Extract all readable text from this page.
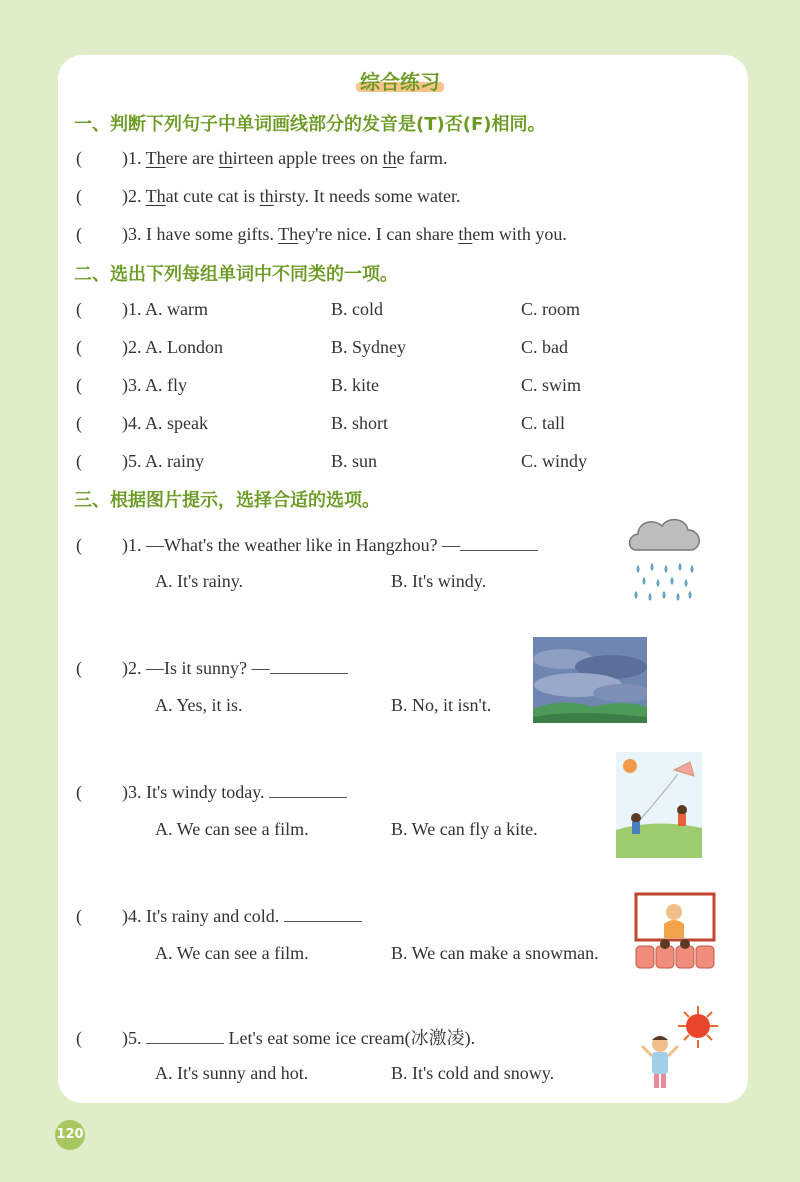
综合练习
一、判断下列句子中单词画线部分的发音是(T)否(F)相同。
( )1. There are thirteen apple trees on the farm.
( )2. That cute cat is thirsty. It needs some water.
( )3. I have some gifts. They're nice. I can share them with you.
二、选出下列每组单词中不同类的一项。
( )1. A. warm	B. cold	C. room
( )2. A. London	B. Sydney	C. bad
( )3. A. fly	B. kite	C. swim
( )4. A. speak	B. short	C. tall
( )5. A. rainy	B. sun	C. windy
三、根据图片提示，选择合适的选项。
( )1. —What's the weather like in Hangzhou? —
A. It's rainy.	B. It's windy.
( )2. —Is it sunny? —
A. Yes, it is.	B. No, it isn't.
( )3. It's windy today.
A. We can see a film.	B. We can fly a kite.
( )4. It's rainy and cold.
A. We can see a film.	B. We can make a snowman.
( )5.	Let's eat some ice cream(冰激凌).
A. It's sunny and hot.	B. It's cold and snowy.
120
